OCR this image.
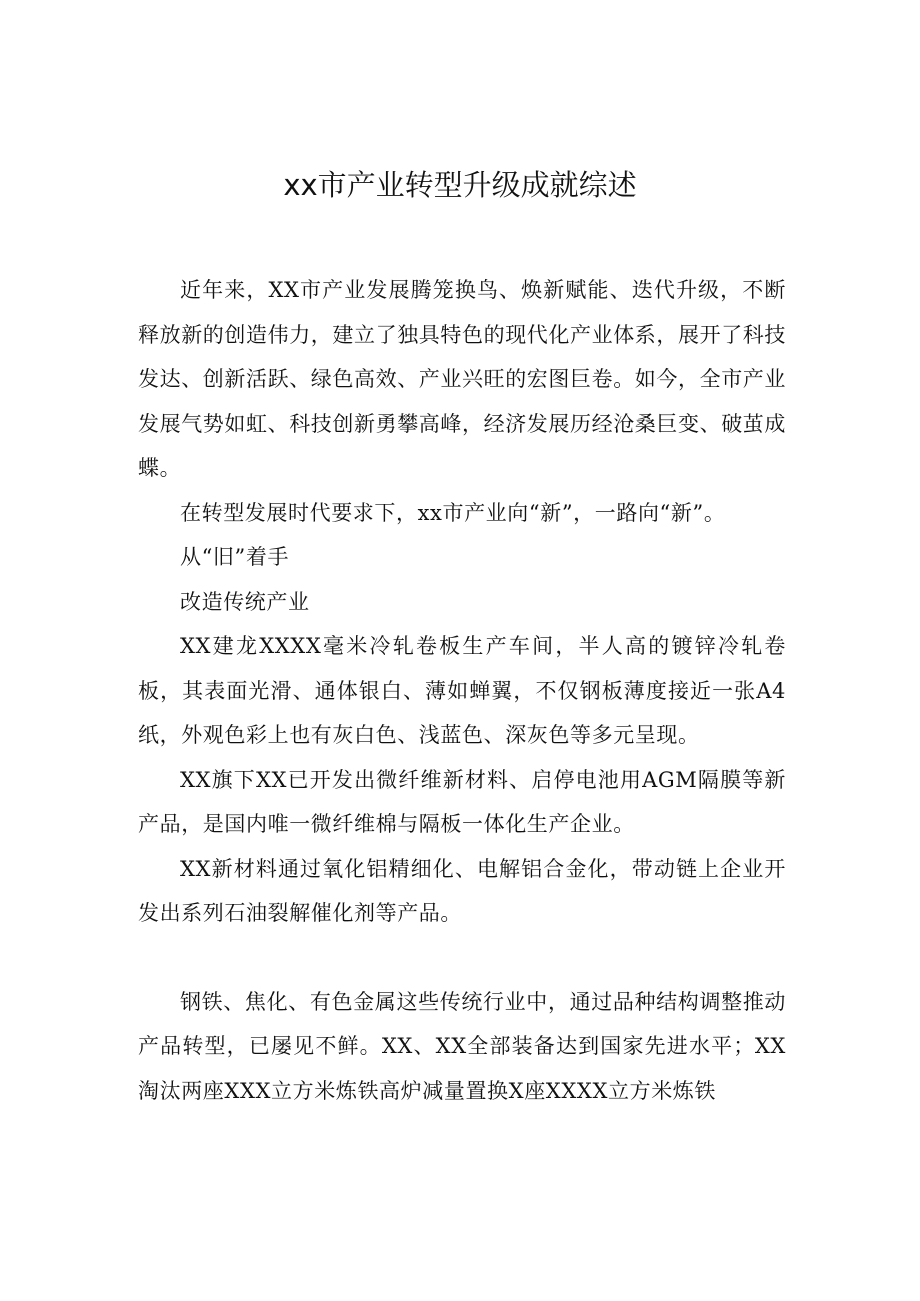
xx市产业转型升级成就综述

近年来，XX市产业发展腾笼换鸟、焕新赋能、迭代升级，不断释放新的创造伟力，建立了独具特色的现代化产业体系，展开了科技发达、创新活跃、绿色高效、产业兴旺的宏图巨卷。如今，全市产业发展气势如虹、科技创新勇攀高峰，经济发展历经沧桑巨变、破茧成蝶。

在转型发展时代要求下，xx市产业向“新”，一路向“新”。

从“旧”着手

改造传统产业

XX建龙XXXX毫米冷轧卷板生产车间，半人高的镀锌冷轧卷板，其表面光滑、通体银白、薄如蝉翼，不仅钢板薄度接近一张A4纸，外观色彩上也有灰白色、浅蓝色、深灰色等多元呈现。

XX旗下XX已开发出微纤维新材料、启停电池用AGM隔膜等新产品，是国内唯一微纤维棉与隔板一体化生产企业。

XX新材料通过氧化铝精细化、电解铝合金化，带动链上企业开发出系列石油裂解催化剂等产品。

钢铁、焦化、有色金属这些传统行业中，通过品种结构调整推动产品转型，已屡见不鲜。XX、XX全部装备达到国家先进水平；XX淘汰两座XXX立方米炼铁高炉减量置换X座XXXX立方米炼铁
